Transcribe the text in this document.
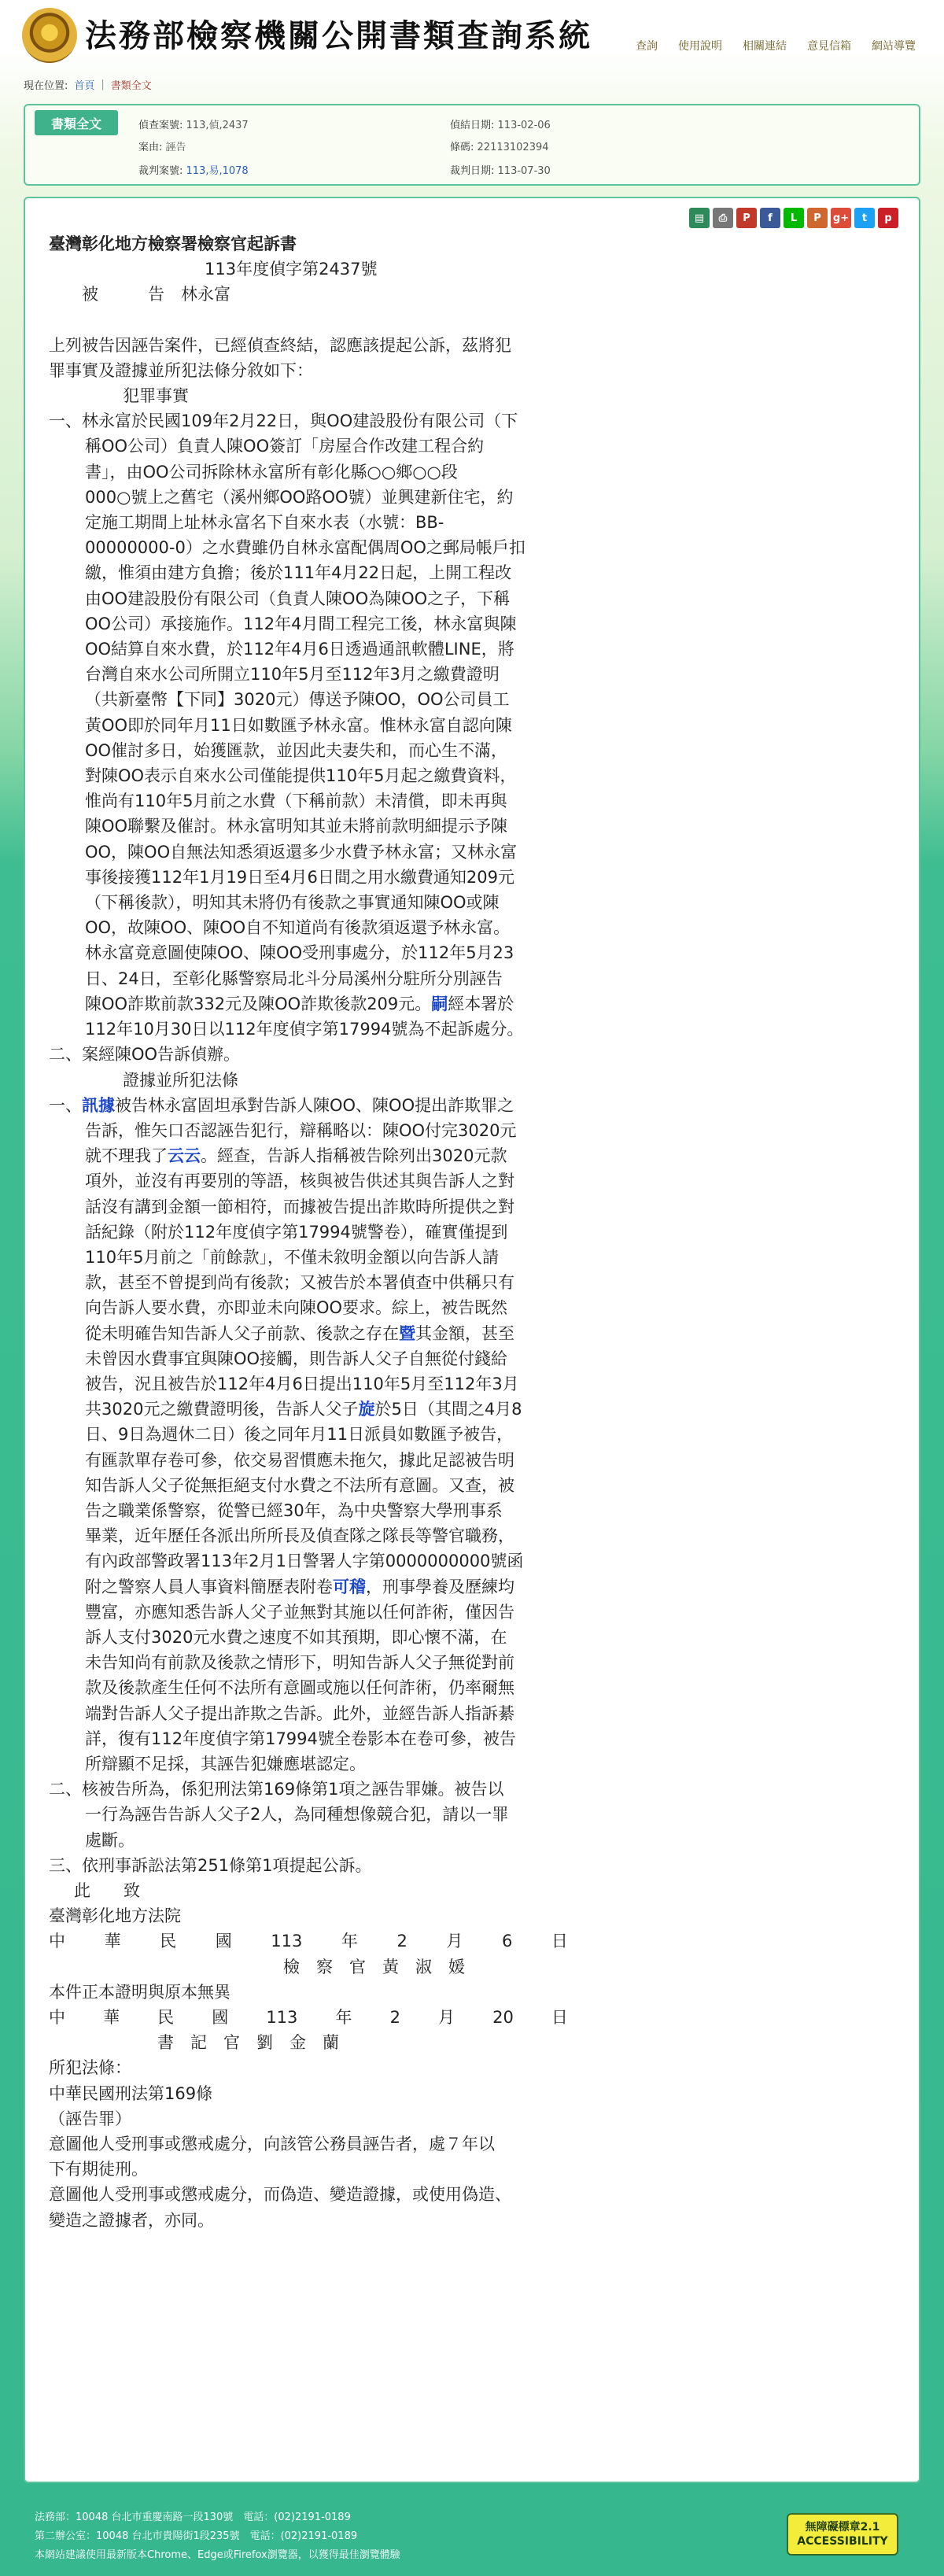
法務部檢察機關公開書類查詢系統	查詢 使用說明 相關連結 意見信箱 網站導覽
現在位置: 首頁 | 書類全文
書類全文	偵查案號: 113,偵,2437	偵結日期: 113-02-06
案由: 誣告	條碼: 22113102394
裁判案號: 113,易,1078	裁判日期: 113-07-30
▤	⎙	P	f	L	P	g+	t	p
臺灣彰化地方檢察署檢察官起訴書
113年度偵字第2437號
被　　　告　林永富
上列被告因誣告案件，已經偵查終結，認應該提起公訴，茲將犯
罪事實及證據並所犯法條分敘如下：
犯罪事實
一、林永富於民國109年2月22日，與OO建設股份有限公司（下
稱OO公司）負責人陳OO簽訂「房屋合作改建工程合約
書」，由OO公司拆除林永富所有彰化縣○○鄉○○段
000○號上之舊宅（溪州鄉OO路OO號）並興建新住宅，約
定施工期間上址林永富名下自來水表（水號：BB-
00000000-0）之水費雖仍自林永富配偶周OO之郵局帳戶扣
繳，惟須由建方負擔；後於111年4月22日起，上開工程改
由OO建設股份有限公司（負責人陳OO為陳OO之子，下稱
OO公司）承接施作。112年4月間工程完工後，林永富與陳
OO結算自來水費，於112年4月6日透過通訊軟體LINE，將
台灣自來水公司所開立110年5月至112年3月之繳費證明
（共新臺幣【下同】3020元）傳送予陳OO，OO公司員工
黃OO即於同年月11日如數匯予林永富。惟林永富自認向陳
OO催討多日，始獲匯款，並因此夫妻失和，而心生不滿，
對陳OO表示自來水公司僅能提供110年5月起之繳費資料，
惟尚有110年5月前之水費（下稱前款）未清償，即未再與
陳OO聯繫及催討。林永富明知其並未將前款明細提示予陳
OO，陳OO自無法知悉須返還多少水費予林永富；又林永富
事後接獲112年1月19日至4月6日間之用水繳費通知209元
（下稱後款），明知其未將仍有後款之事實通知陳OO或陳
OO，故陳OO、陳OO自不知道尚有後款須返還予林永富。
林永富竟意圖使陳OO、陳OO受刑事處分，於112年5月23
日、24日，至彰化縣警察局北斗分局溪州分駐所分別誣告
陳OO詐欺前款332元及陳OO詐欺後款209元。嗣經本署於
112年10月30日以112年度偵字第17994號為不起訴處分。
二、案經陳OO告訴偵辦。
證據並所犯法條
一、訊據被告林永富固坦承對告訴人陳OO、陳OO提出詐欺罪之
告訴，惟矢口否認誣告犯行，辯稱略以：陳OO付完3020元
就不理我了云云。經查，告訴人指稱被告除列出3020元款
項外，並沒有再要別的等語，核與被告供述其與告訴人之對
話沒有講到金額一節相符，而據被告提出詐欺時所提供之對
話紀錄（附於112年度偵字第17994號警卷），確實僅提到
110年5月前之「前餘款」，不僅未敘明金額以向告訴人請
款，甚至不曾提到尚有後款；又被告於本署偵查中供稱只有
向告訴人要水費，亦即並未向陳OO要求。綜上，被告既然
從未明確告知告訴人父子前款、後款之存在暨其金額，甚至
未曾因水費事宜與陳OO接觸，則告訴人父子自無從付錢給
被告，況且被告於112年4月6日提出110年5月至112年3月
共3020元之繳費證明後，告訴人父子旋於5日（其間之4月8
日、9日為週休二日）後之同年月11日派員如數匯予被告，
有匯款單存卷可參，依交易習慣應未拖欠，據此足認被告明
知告訴人父子從無拒絕支付水費之不法所有意圖。又查，被
告之職業係警察，從警已經30年，為中央警察大學刑事系
畢業，近年歷任各派出所所長及偵查隊之隊長等警官職務，
有內政部警政署113年2月1日警署人字第0000000000號函
附之警察人員人事資料簡歷表附卷可稽，刑事學養及歷練均
豐富，亦應知悉告訴人父子並無對其施以任何詐術，僅因告
訴人支付3020元水費之速度不如其預期，即心懷不滿，在
未告知尚有前款及後款之情形下，明知告訴人父子無從對前
款及後款產生任何不法所有意圖或施以任何詐術，仍率爾無
端對告訴人父子提出詐欺之告訴。此外，並經告訴人指訴綦
詳，復有112年度偵字第17994號全卷影本在卷可參，被告
所辯顯不足採，其誣告犯嫌應堪認定。
二、核被告所為，係犯刑法第169條第1項之誣告罪嫌。被告以
一行為誣告告訴人父子2人，為同種想像競合犯，請以一罪
處斷。
三、依刑事訴訟法第251條第1項提起公訴。
此　　致
臺灣彰化地方法院
中 華 民 國 113 年 2 月 6 日
檢　察　官　黃　淑　媛
本件正本證明與原本無異
中 華 民 國 113 年 2 月 20 日
書　記　官　劉　金　蘭
所犯法條：
中華民國刑法第169條
（誣告罪）
意圖他人受刑事或懲戒處分，向該管公務員誣告者，處７年以
下有期徒刑。
意圖他人受刑事或懲戒處分，而偽造、變造證據，或使用偽造、
變造之證據者，亦同。
法務部：10048 台北市重慶南路一段130號　電話：(02)2191-0189
第二辦公室：10048 台北市貴陽街1段235號　電話：(02)2191-0189
本網站建議使用最新版本Chrome、Edge或Firefox瀏覽器，以獲得最佳瀏覽體驗
無障礙標章2.1
ACCESSIBILITY
